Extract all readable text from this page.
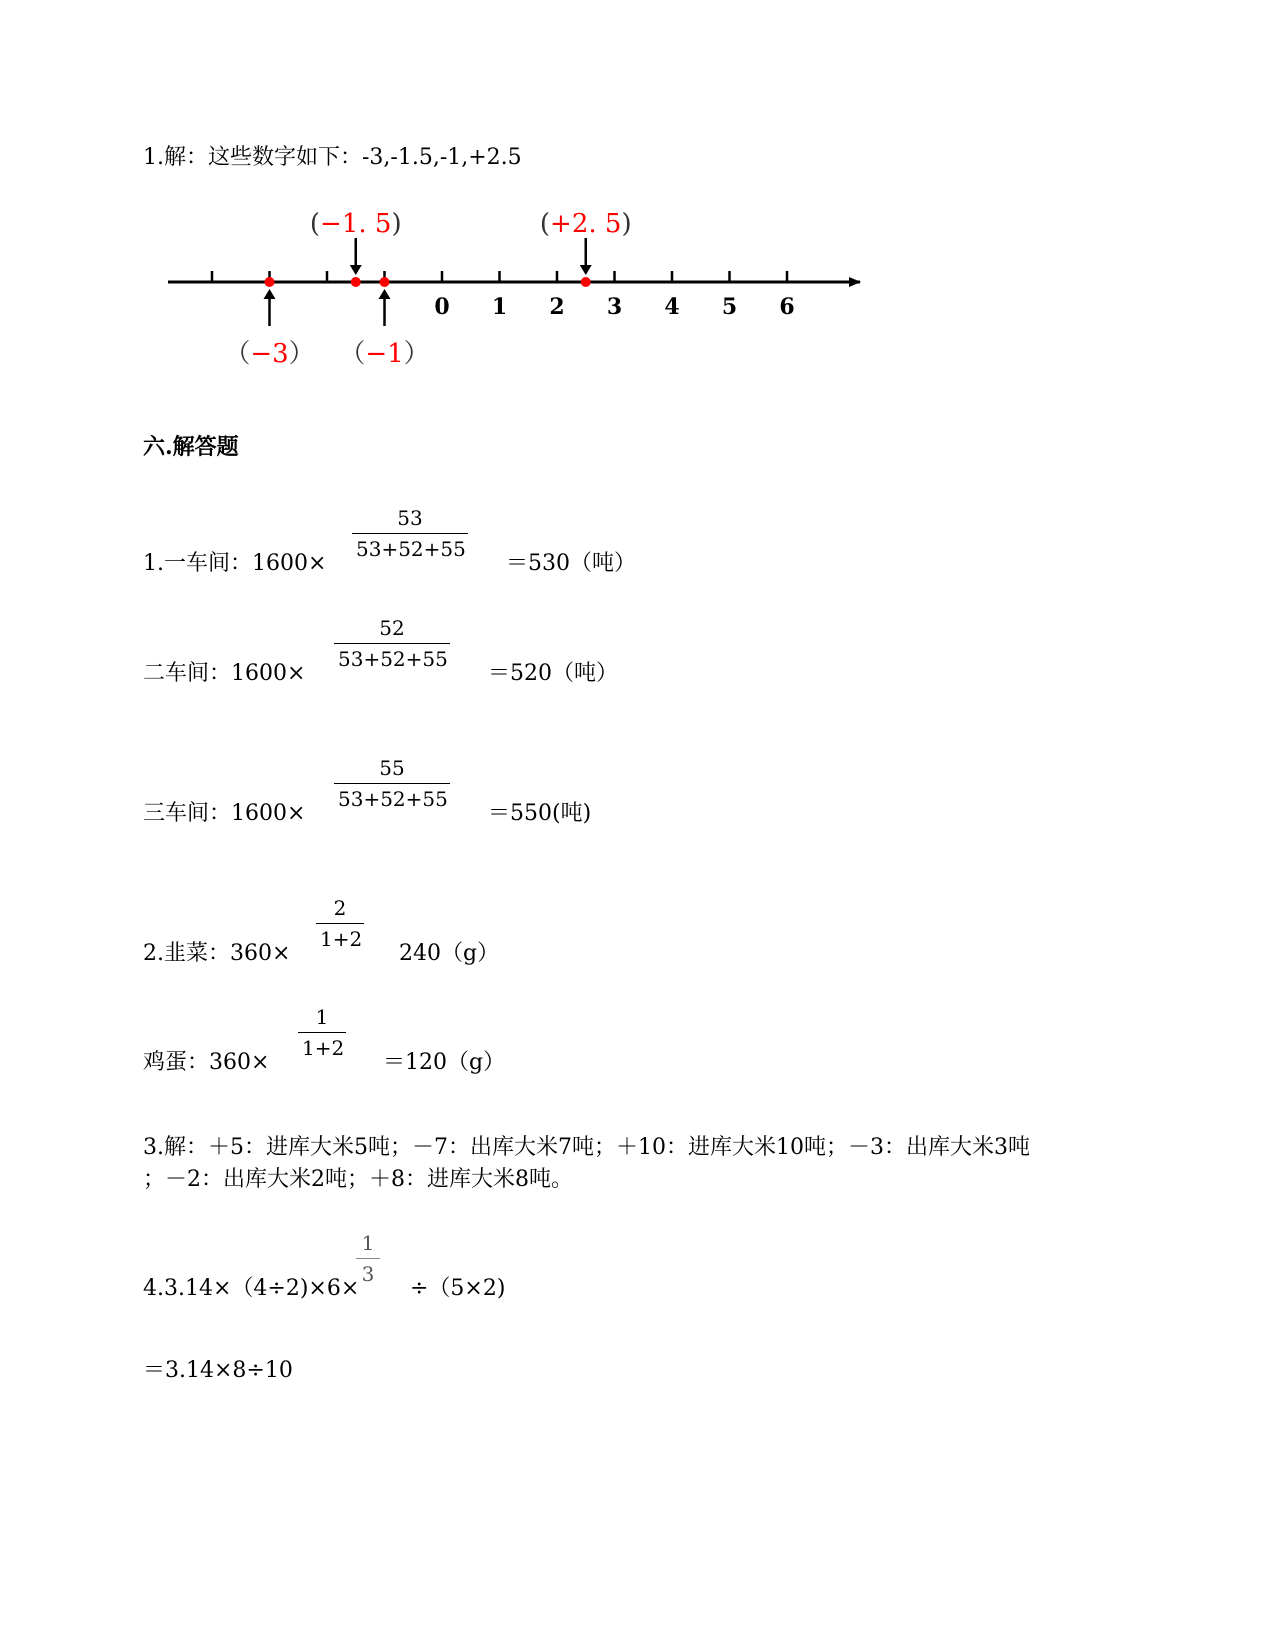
1.解：这些数字如下：-3,-1.5,-1,+2.5
0 1 2 3 4 5 6
（−3）
(−1. 5)
（−1）
(+2. 5)
六.解答题
1.一车间：1600×
53
53+52+55
＝530（吨）
二车间：1600×
52
53+52+55
＝520（吨）
三车间：1600×
55
53+52+55
＝550(吨)
2.韭菜：360×
2
1+2
240（g）
鸡蛋：360×
1
1+2
＝120（g）
3.解：＋5：进库大米5吨；－7：出库大米7吨；＋10：进库大米10吨；－3：出库大米3吨
；－2：出库大米2吨；＋8：进库大米8吨。
4.3.14×（4÷2)×6×
1
3
÷（5×2)
＝3.14×8÷10
